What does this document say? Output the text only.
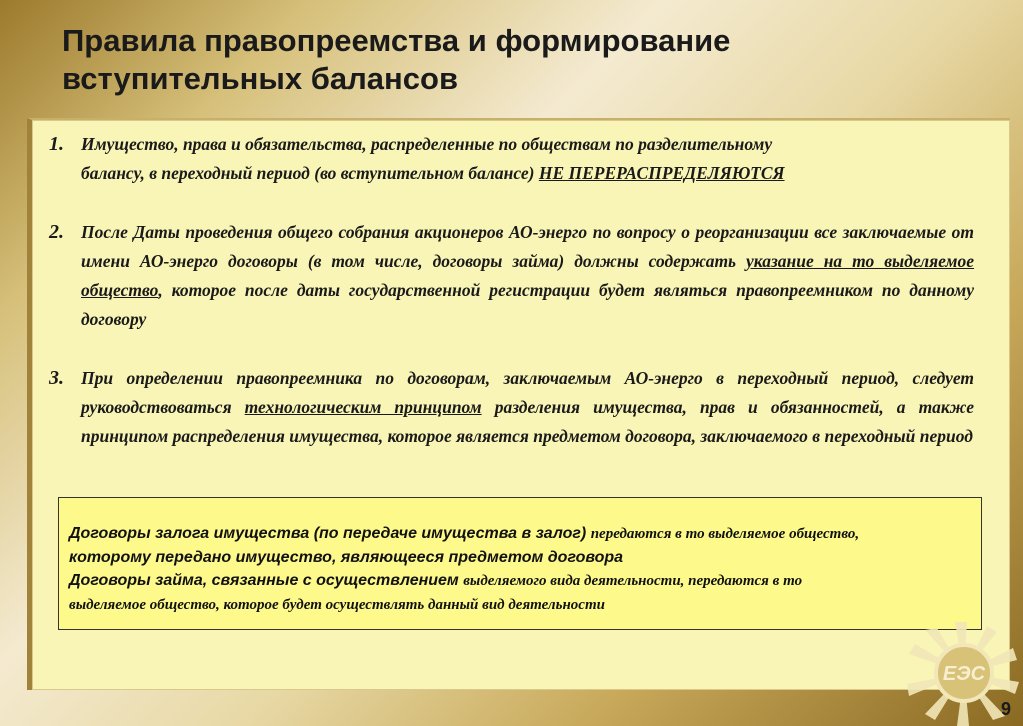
Правила правопреемства и формирование
вступительных балансов
1. Имущество, права и обязательства, распределенные по обществам по разделительному
балансу, в переходный период (во вступительном балансе) НЕ ПЕРЕРАСПРЕДЕЛЯЮТСЯ
2. После Даты проведения общего собрания акционеров АО-энерго по вопросу о реорганизации все заключаемые от имени АО-энерго договоры (в том числе, договоры займа) должны содержать указание на то выделяемое общество, которое после даты государственной регистрации будет являться правопреемником по данному договору
3. При определении правопреемника по договорам, заключаемым АО-энерго в переходный период, следует руководствоваться технологическим принципом разделения имущества, прав и обязанностей, а также принципом распределения имущества, которое является предметом договора, заключаемого в переходный период
Договоры залога имущества (по передаче имущества в залог) передаются в то выделяемое общество,
которому передано имущество, являющееся предметом договора
Договоры займа, связанные с осуществлением выделяемого вида деятельности, передаются в то
выделяемое общество, которое будет осуществлять данный вид деятельности
ЕЭС
9
